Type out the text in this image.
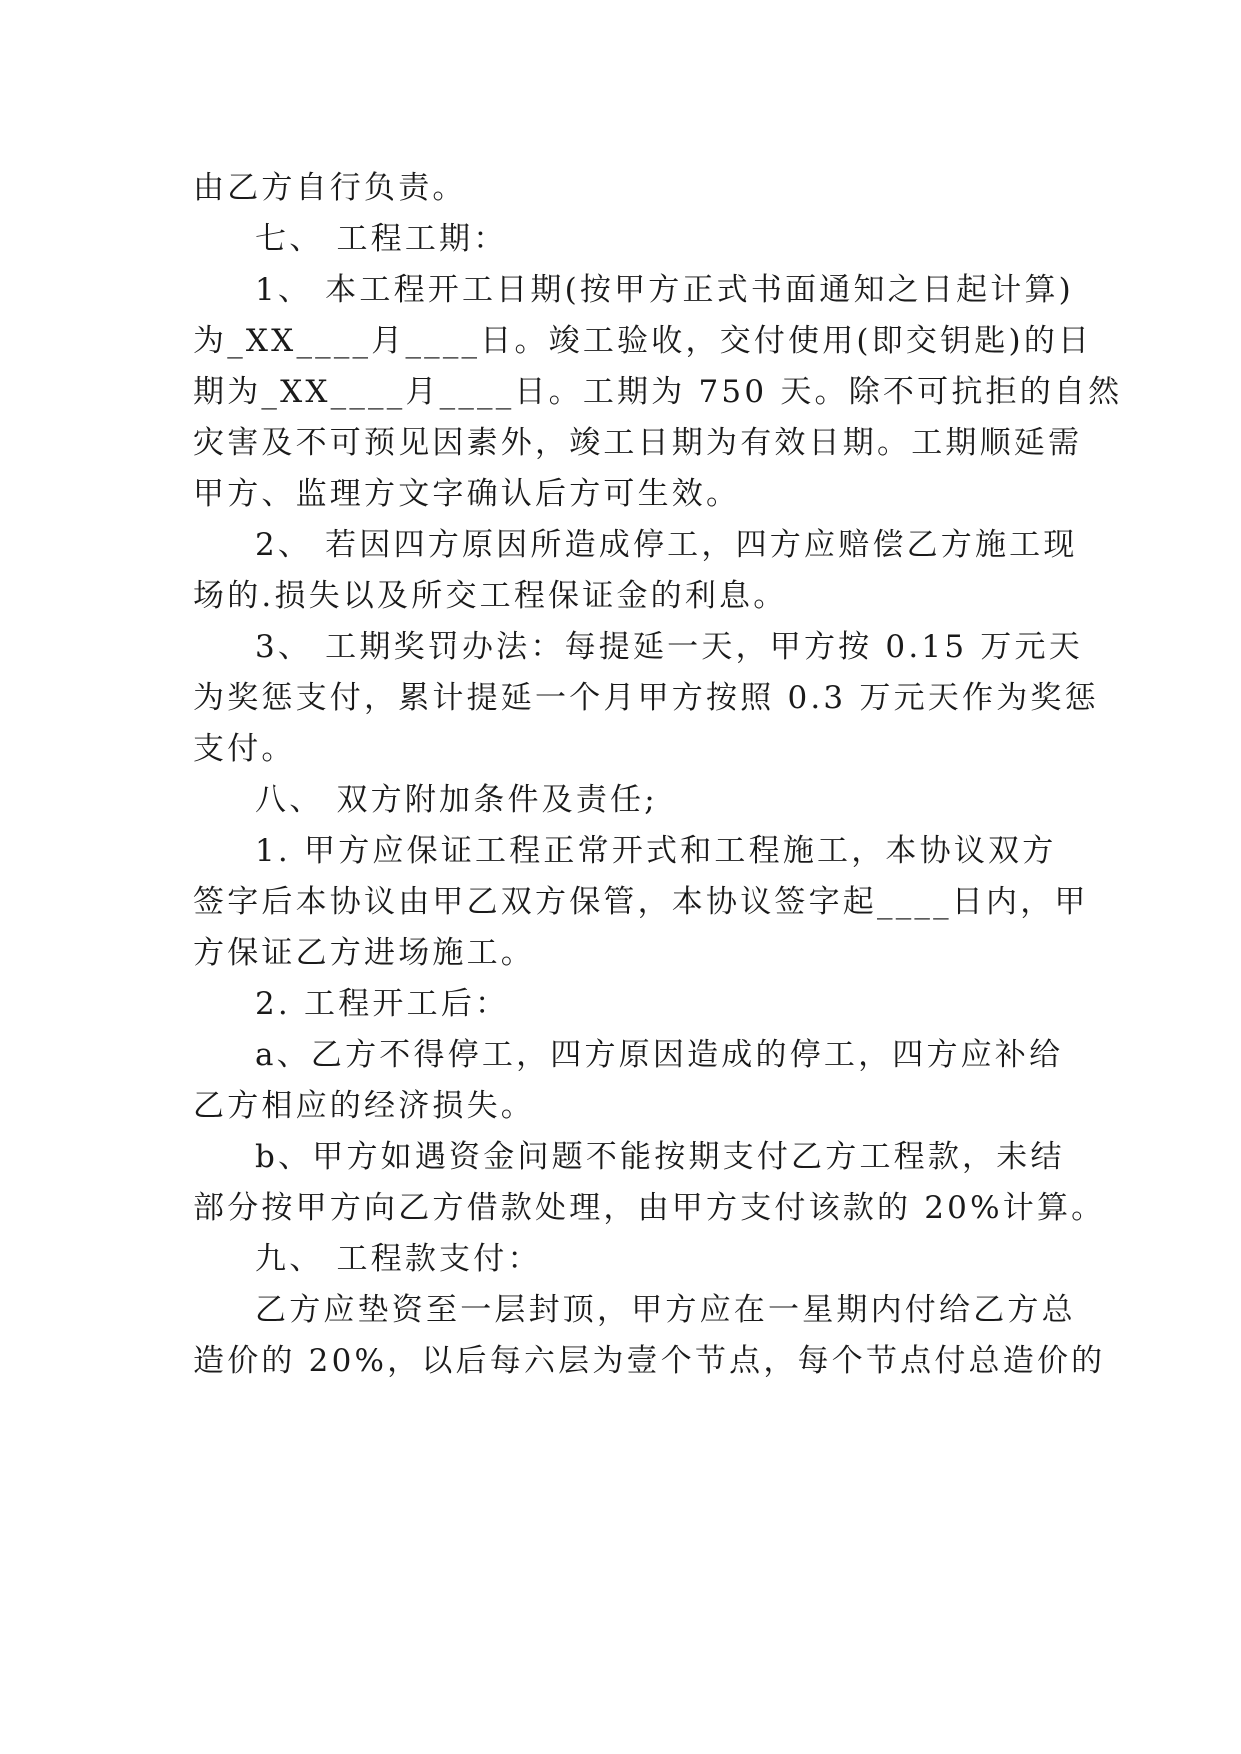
由乙方自行负责。
七、 工程工期：
1、 本工程开工日期(按甲方正式书面通知之日起计算)
为_XX____月____日。竣工验收，交付使用(即交钥匙)的日
期为_XX____月____日。工期为 750 天。除不可抗拒的自然
灾害及不可预见因素外，竣工日期为有效日期。工期顺延需
甲方、监理方文字确认后方可生效。
2、 若因四方原因所造成停工，四方应赔偿乙方施工现
场的.损失以及所交工程保证金的利息。
3、 工期奖罚办法：每提延一天，甲方按 0.15 万元天
为奖惩支付，累计提延一个月甲方按照 0.3 万元天作为奖惩
支付。
八、 双方附加条件及责任;
1. 甲方应保证工程正常开式和工程施工，本协议双方
签字后本协议由甲乙双方保管，本协议签字起____日内，甲
方保证乙方进场施工。
2. 工程开工后：
a、乙方不得停工，四方原因造成的停工，四方应补给
乙方相应的经济损失。
b、甲方如遇资金问题不能按期支付乙方工程款，未结
部分按甲方向乙方借款处理，由甲方支付该款的 20%计算。
九、 工程款支付：
乙方应垫资至一层封顶，甲方应在一星期内付给乙方总
造价的 20%，以后每六层为壹个节点，每个节点付总造价的
